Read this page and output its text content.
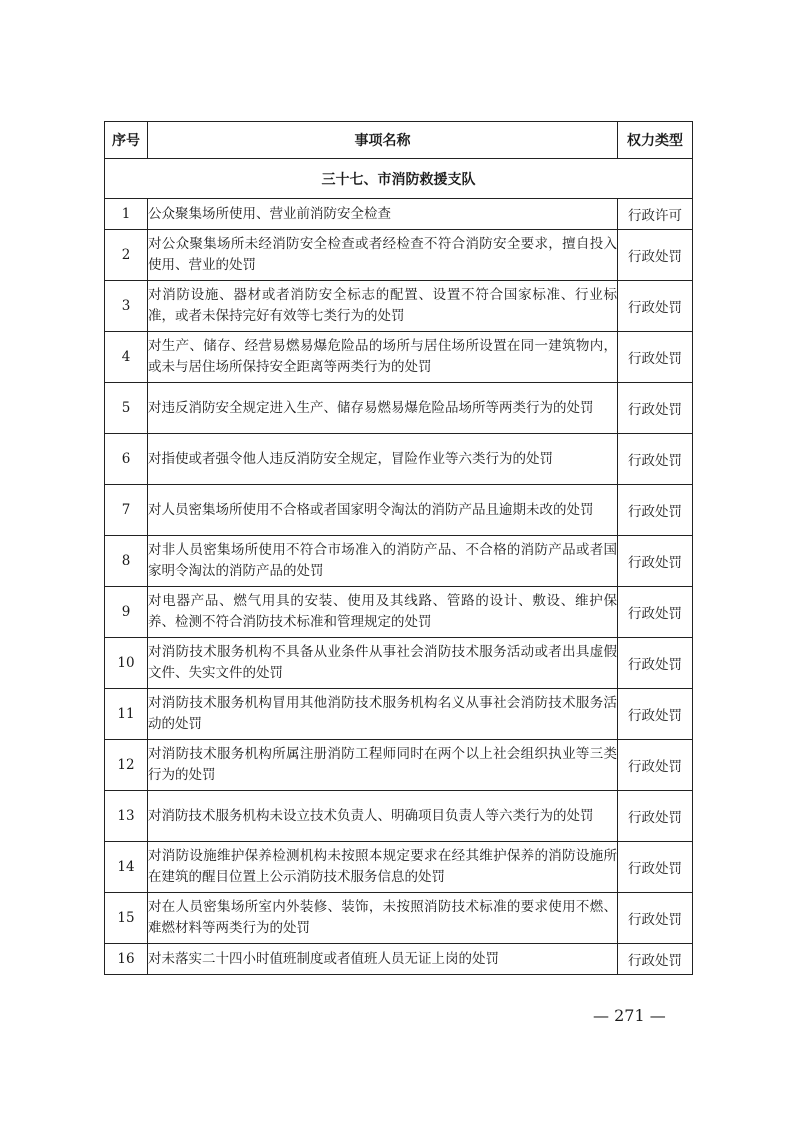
序号	事项名称	权力类型
三十七、市消防救援支队		
1	公众聚集场所使用、营业前消防安全检查	行政许可
2	对公众聚集场所未经消防安全检查或者经检查不符合消防安全要求，擅自投入使用、营业的处罚	行政处罚
3	对消防设施、器材或者消防安全标志的配置、设置不符合国家标准、行业标准，或者未保持完好有效等七类行为的处罚	行政处罚
4	对生产、储存、经营易燃易爆危险品的场所与居住场所设置在同一建筑物内，或未与居住场所保持安全距离等两类行为的处罚	行政处罚
5	对违反消防安全规定进入生产、储存易燃易爆危险品场所等两类行为的处罚	行政处罚
6	对指使或者强令他人违反消防安全规定，冒险作业等六类行为的处罚	行政处罚
7	对人员密集场所使用不合格或者国家明令淘汰的消防产品且逾期未改的处罚	行政处罚
8	对非人员密集场所使用不符合市场准入的消防产品、不合格的消防产品或者国家明令淘汰的消防产品的处罚	行政处罚
9	对电器产品、燃气用具的安装、使用及其线路、管路的设计、敷设、维护保养、检测不符合消防技术标准和管理规定的处罚	行政处罚
10	对消防技术服务机构不具备从业条件从事社会消防技术服务活动或者出具虚假文件、失实文件的处罚	行政处罚
11	对消防技术服务机构冒用其他消防技术服务机构名义从事社会消防技术服务活动的处罚	行政处罚
12	对消防技术服务机构所属注册消防工程师同时在两个以上社会组织执业等三类行为的处罚	行政处罚
13	对消防技术服务机构未设立技术负责人、明确项目负责人等六类行为的处罚	行政处罚
14	对消防设施维护保养检测机构未按照本规定要求在经其维护保养的消防设施所在建筑的醒目位置上公示消防技术服务信息的处罚	行政处罚
15	对在人员密集场所室内外装修、装饰，未按照消防技术标准的要求使用不燃、难燃材料等两类行为的处罚	行政处罚
16	对未落实二十四小时值班制度或者值班人员无证上岗的处罚	行政处罚
— 271 —
